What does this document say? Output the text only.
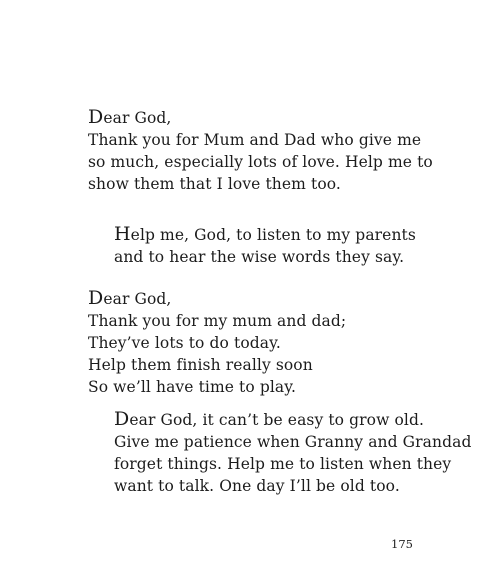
Dear God,
Thank you for Mum and Dad who give me
so much, especially lots of love. Help me to
show them that I love them too.
Help me, God, to listen to my parents
and to hear the wise words they say.
Dear God,
Thank you for my mum and dad;
They’ve lots to do today.
Help them finish really soon
So we’ll have time to play.
Dear God, it can’t be easy to grow old.
Give me patience when Granny and Grandad
forget things. Help me to listen when they
want to talk. One day I’ll be old too.
175
